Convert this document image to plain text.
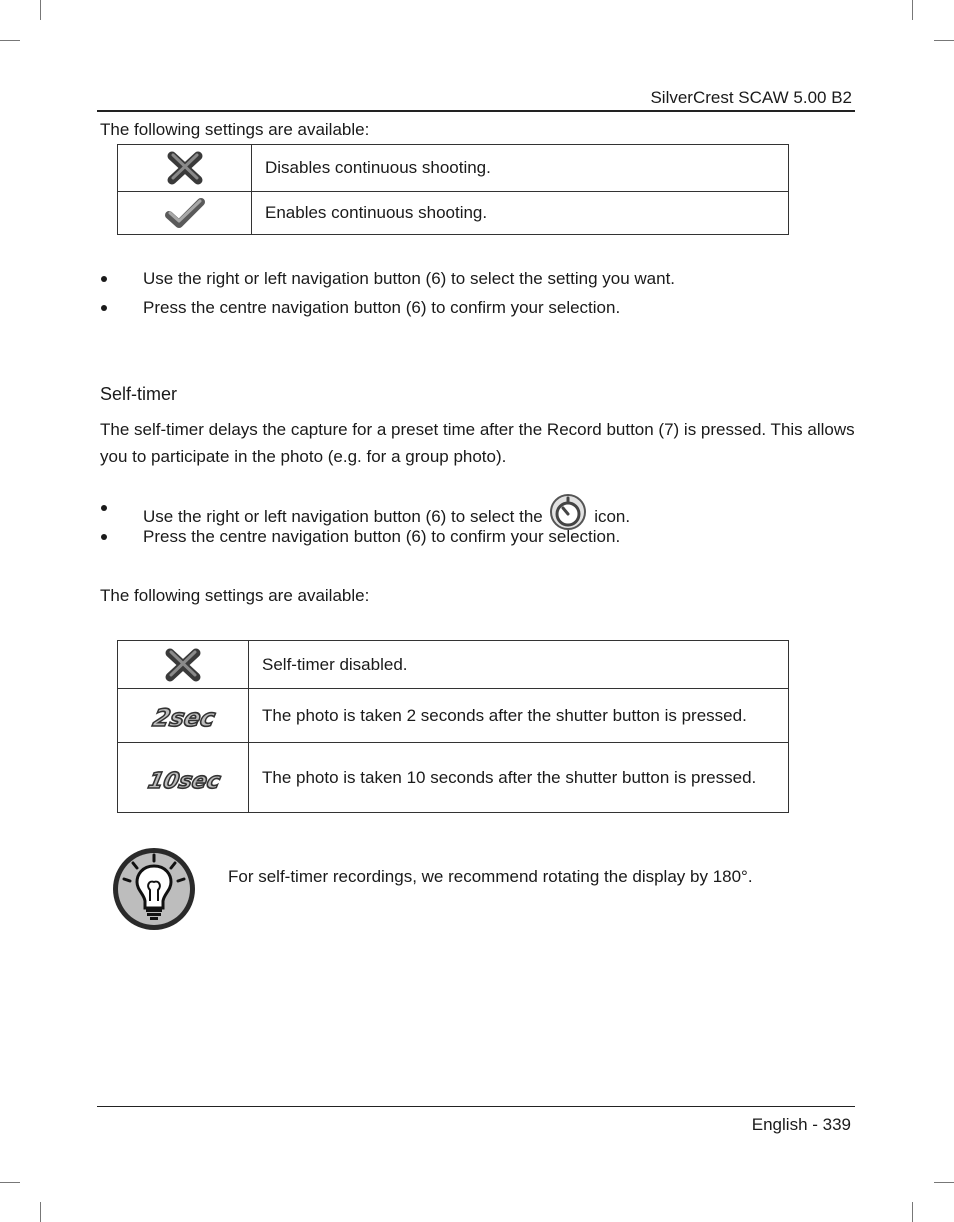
SilverCrest SCAW 5.00 B2
The following settings are available:
	Disables continuous shooting.

	Enables continuous shooting.
Use the right or left navigation button (6) to select the setting you want.
Press the centre navigation button (6) to confirm your selection.
Self-timer
The self-timer delays the capture for a preset time after the Record button (7) is pressed. This allows you to participate in the photo (e.g. for a group photo).
Use the right or left navigation button (6) to select the	icon.
Press the centre navigation button (6) to confirm your selection.
The following settings are available:
	Self-timer disabled.

2sec	The photo is taken 2 seconds after the shutter button is pressed.

10sec	The photo is taken 10 seconds after the shutter button is pressed.
For self-timer recordings, we recommend rotating the display by 180°.
English - 339
